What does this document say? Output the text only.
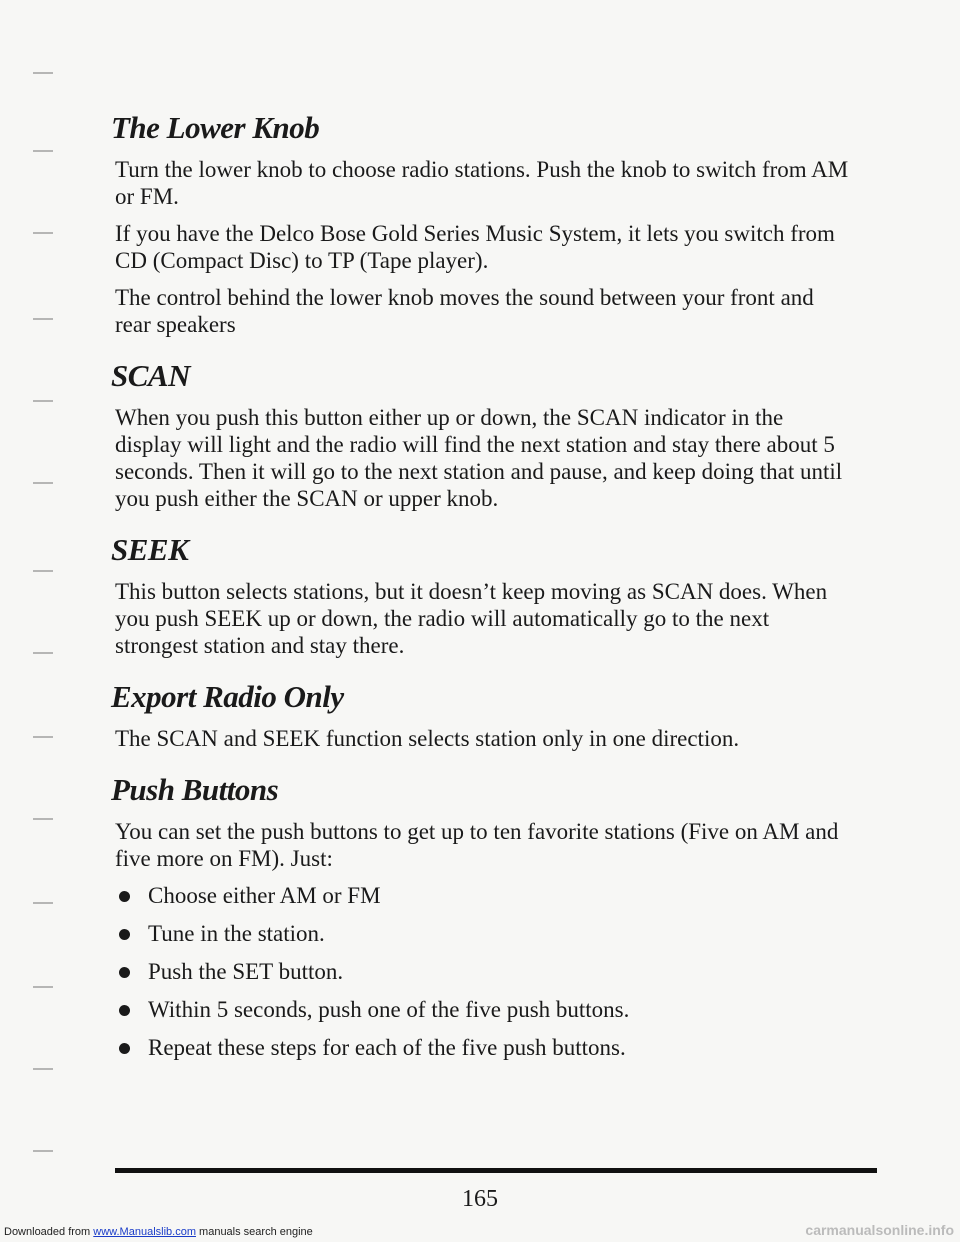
The Lower Knob

Turn the lower knob to choose radio stations. Push the knob to switch from AM or FM.

If you have the Delco Bose Gold Series Music System, it lets you switch from CD (Compact Disc) to TP (Tape player).

The control behind the lower knob moves the sound between your front and rear speakers

SCAN

When you push this button either up or down, the SCAN indicator in the display will light and the radio will find the next station and stay there about 5 seconds. Then it will go to the next station and pause, and keep doing that until you push either the SCAN or upper knob.

SEEK

This button selects stations, but it doesn’t keep moving as SCAN does. When you push SEEK up or down, the radio will automatically go to the next strongest station and stay there.

Export Radio Only

The SCAN and SEEK function selects station only in one direction.

Push Buttons

You can set the push buttons to get up to ten favorite stations (Five on AM and five more on FM). Just:

Choose either AM or FM
Tune in the station.
Push the SET button.
Within 5 seconds, push one of the five push buttons.
Repeat these steps for each of the five push buttons.
165
Downloaded from www.Manualslib.com manuals search engine	carmanualsonline.info
